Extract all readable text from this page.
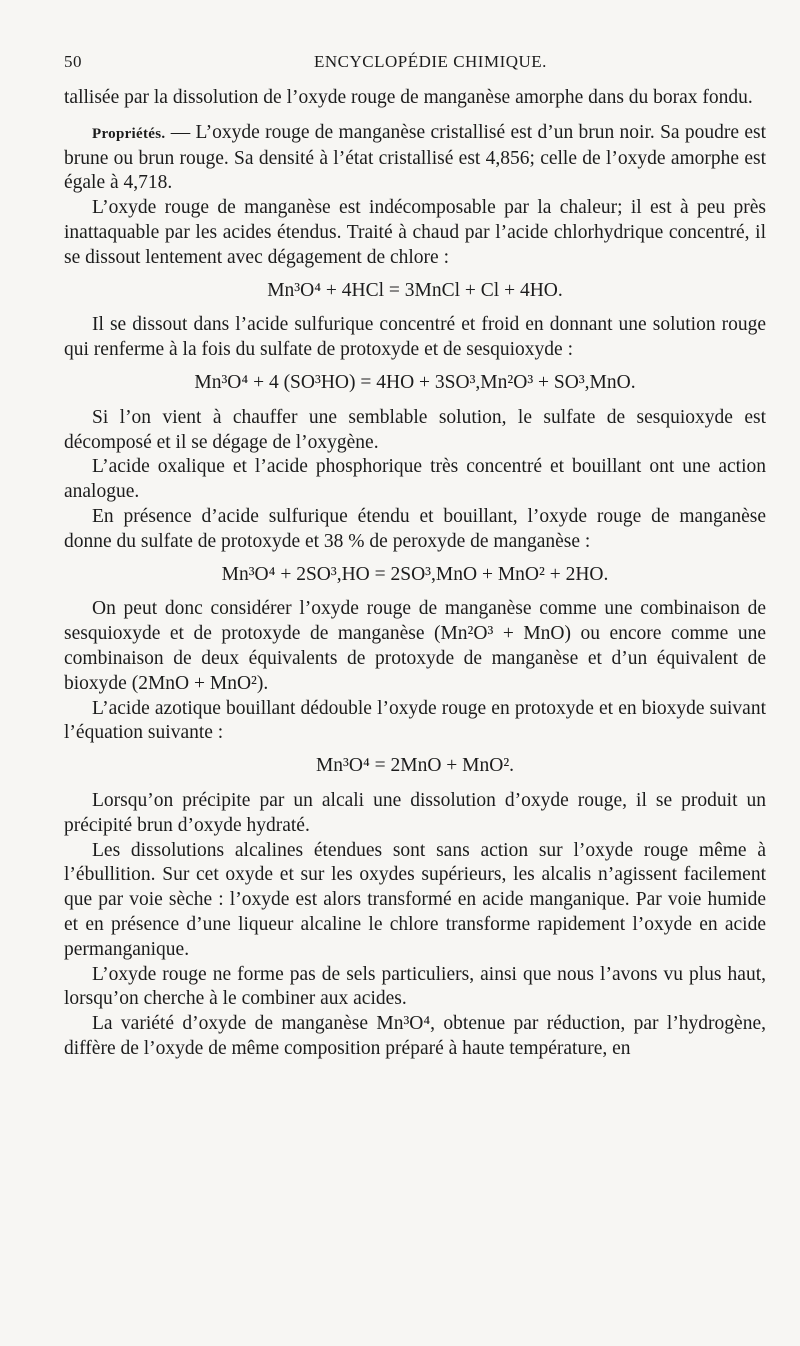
50	ENCYCLOPÉDIE CHIMIQUE.

tallisée par la dissolution de l’oxyde rouge de manganèse amorphe dans du borax fondu.

Propriétés. — L’oxyde rouge de manganèse cristallisé est d’un brun noir. Sa poudre est brune ou brun rouge. Sa densité à l’état cristallisé est 4,856; celle de l’oxyde amorphe est égale à 4,718.

L’oxyde rouge de manganèse est indécomposable par la chaleur; il est à peu près inattaquable par les acides étendus. Traité à chaud par l’acide chlorhydrique concentré, il se dissout lentement avec dégagement de chlore :

Mn³O⁴ + 4HCl = 3MnCl + Cl + 4HO.

Il se dissout dans l’acide sulfurique concentré et froid en donnant une solution rouge qui renferme à la fois du sulfate de protoxyde et de sesquioxyde :

Mn³O⁴ + 4 (SO³HO) = 4HO + 3SO³,Mn²O³ + SO³,MnO.

Si l’on vient à chauffer une semblable solution, le sulfate de sesquioxyde est décomposé et il se dégage de l’oxygène.

L’acide oxalique et l’acide phosphorique très concentré et bouillant ont une action analogue.

En présence d’acide sulfurique étendu et bouillant, l’oxyde rouge de manganèse donne du sulfate de protoxyde et 38 % de peroxyde de manganèse :

Mn³O⁴ + 2SO³,HO = 2SO³,MnO + MnO² + 2HO.

On peut donc considérer l’oxyde rouge de manganèse comme une combinaison de sesquioxyde et de protoxyde de manganèse (Mn²O³ + MnO) ou encore comme une combinaison de deux équivalents de protoxyde de manganèse et d’un équivalent de bioxyde (2MnO + MnO²).

L’acide azotique bouillant dédouble l’oxyde rouge en protoxyde et en bioxyde suivant l’équation suivante :

Mn³O⁴ = 2MnO + MnO².

Lorsqu’on précipite par un alcali une dissolution d’oxyde rouge, il se produit un précipité brun d’oxyde hydraté.

Les dissolutions alcalines étendues sont sans action sur l’oxyde rouge même à l’ébullition. Sur cet oxyde et sur les oxydes supérieurs, les alcalis n’agissent facilement que par voie sèche : l’oxyde est alors transformé en acide manganique. Par voie humide et en présence d’une liqueur alcaline le chlore transforme rapidement l’oxyde en acide permanganique.

L’oxyde rouge ne forme pas de sels particuliers, ainsi que nous l’avons vu plus haut, lorsqu’on cherche à le combiner aux acides.

La variété d’oxyde de manganèse Mn³O⁴, obtenue par réduction, par l’hydrogène, diffère de l’oxyde de même composition préparé à haute température, en
